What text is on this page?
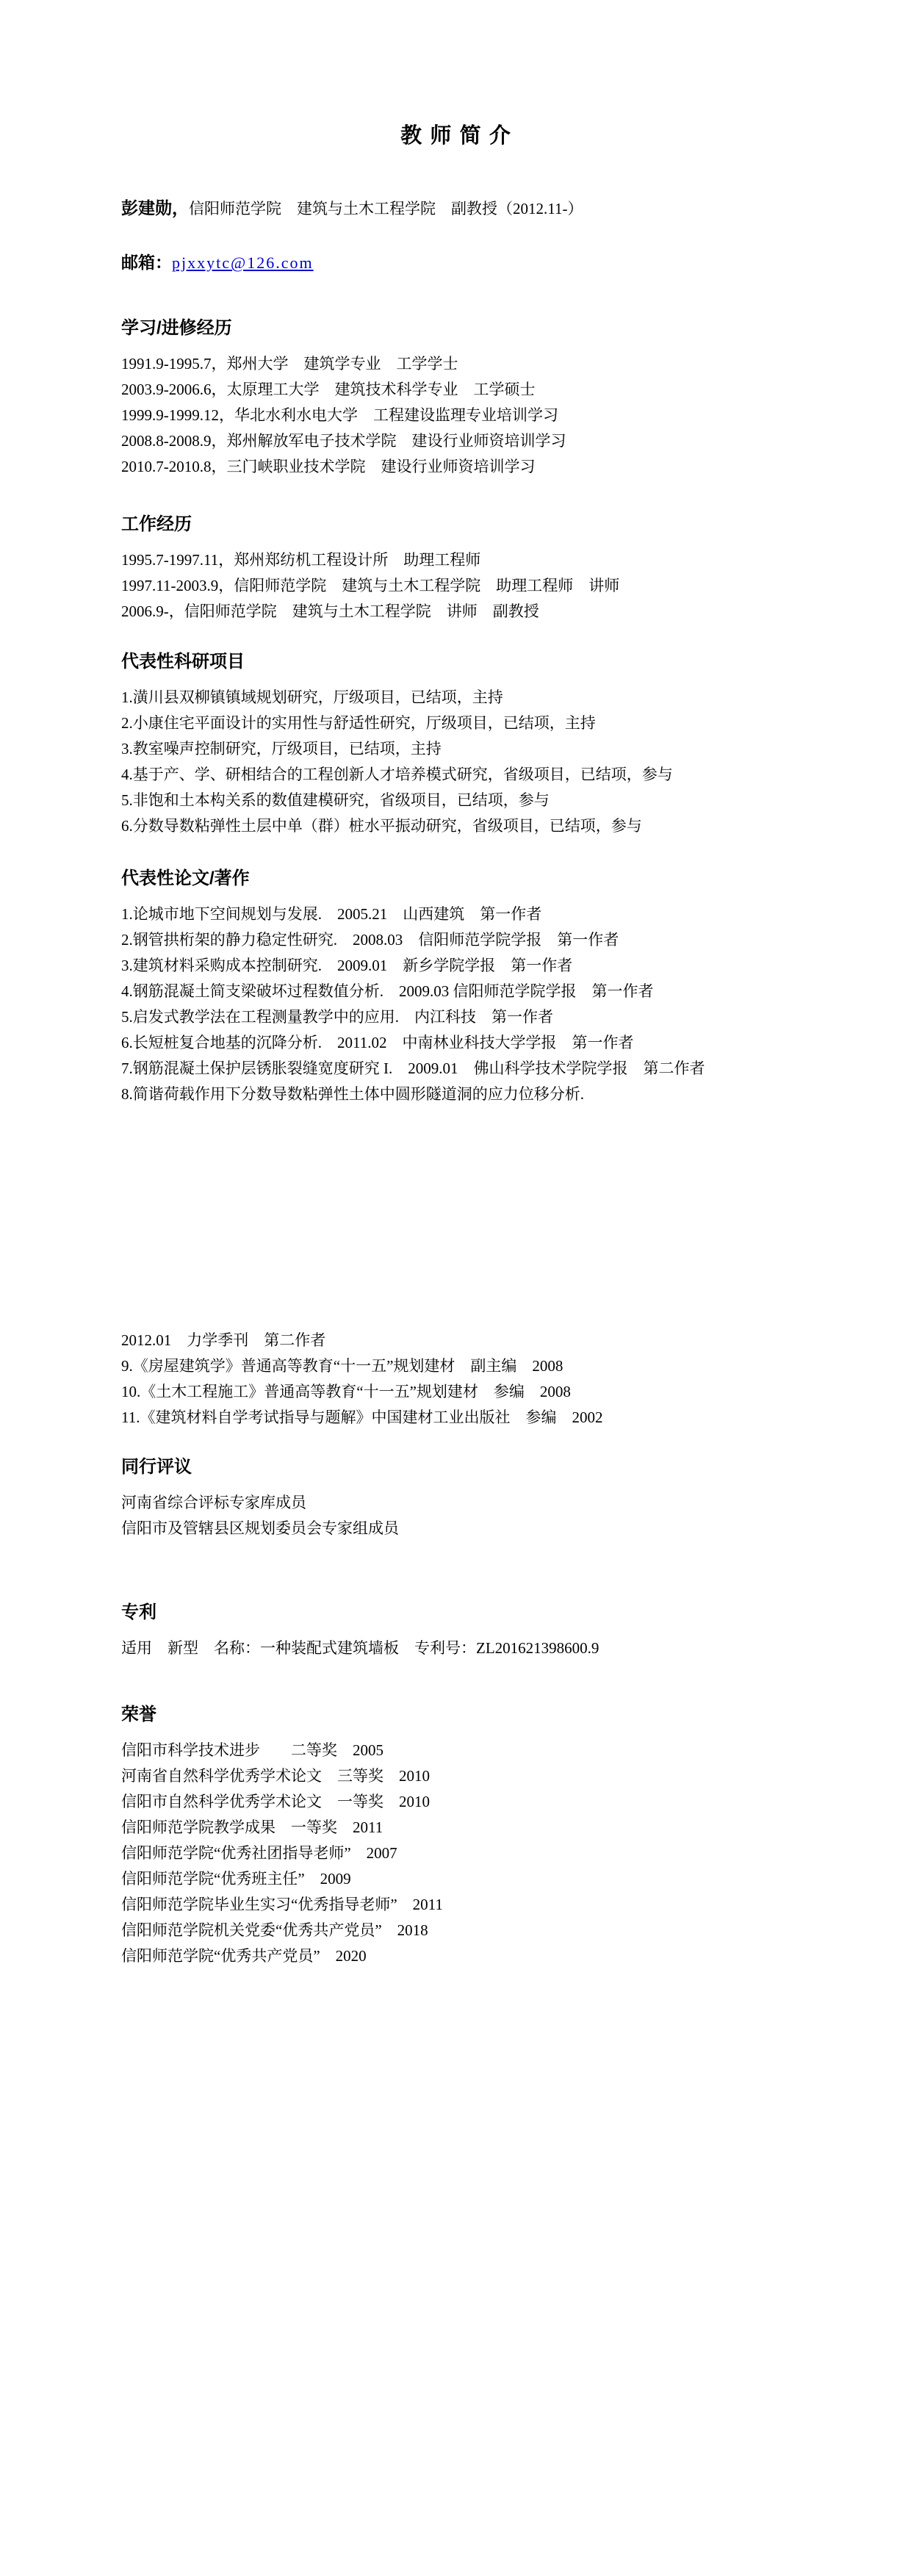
教 师 简 介

彭建勋，信阳师范学院　建筑与土木工程学院　副教授（2012.11-）

邮箱：pjxxytc@126.com

学习/进修经历

1991.9-1995.7，郑州大学　建筑学专业　工学学士

2003.9-2006.6，太原理工大学　建筑技术科学专业　工学硕士

1999.9-1999.12，华北水利水电大学　工程建设监理专业培训学习

2008.8-2008.9，郑州解放军电子技术学院　建设行业师资培训学习

2010.7-2010.8，三门峡职业技术学院　建设行业师资培训学习

工作经历

1995.7-1997.11，郑州郑纺机工程设计所　助理工程师

1997.11-2003.9，信阳师范学院　建筑与土木工程学院　助理工程师　讲师

2006.9-，信阳师范学院　建筑与土木工程学院　讲师　副教授

代表性科研项目

1.潢川县双柳镇镇域规划研究，厅级项目，已结项，主持

2.小康住宅平面设计的实用性与舒适性研究，厅级项目，已结项，主持

3.教室噪声控制研究，厅级项目，已结项，主持

4.基于产、学、研相结合的工程创新人才培养模式研究，省级项目，已结项，参与

5.非饱和土本构关系的数值建模研究，省级项目，已结项，参与

6.分数导数粘弹性土层中单（群）桩水平振动研究，省级项目，已结项，参与

代表性论文/著作

1.论城市地下空间规划与发展.　2005.21　山西建筑　第一作者

2.钢管拱桁架的静力稳定性研究.　2008.03　信阳师范学院学报　第一作者

3.建筑材料采购成本控制研究.　2009.01　新乡学院学报　第一作者

4.钢筋混凝土简支梁破坏过程数值分析.　2009.03 信阳师范学院学报　第一作者

5.启发式教学法在工程测量教学中的应用.　内江科技　第一作者

6.长短桩复合地基的沉降分析.　2011.02　中南林业科技大学学报　第一作者

7.钢筋混凝土保护层锈胀裂缝宽度研究 I.　2009.01　佛山科学技术学院学报　第二作者

8.简谐荷载作用下分数导数粘弹性土体中圆形隧道洞的应力位移分析.

2012.01　力学季刊　第二作者

9.《房屋建筑学》普通高等教育“十一五”规划建材　副主编　2008

10.《土木工程施工》普通高等教育“十一五”规划建材　参编　2008

11.《建筑材料自学考试指导与题解》中国建材工业出版社　参编　2002

同行评议

河南省综合评标专家库成员

信阳市及管辖县区规划委员会专家组成员

专利

适用　新型　名称：一种装配式建筑墙板　专利号：ZL201621398600.9

荣誉

信阳市科学技术进步　　二等奖　2005

河南省自然科学优秀学术论文　三等奖　2010

信阳市自然科学优秀学术论文　一等奖　2010

信阳师范学院教学成果　一等奖　2011

信阳师范学院“优秀社团指导老师”　2007

信阳师范学院“优秀班主任”　2009

信阳师范学院毕业生实习“优秀指导老师”　2011

信阳师范学院机关党委“优秀共产党员”　2018

信阳师范学院“优秀共产党员”　2020
